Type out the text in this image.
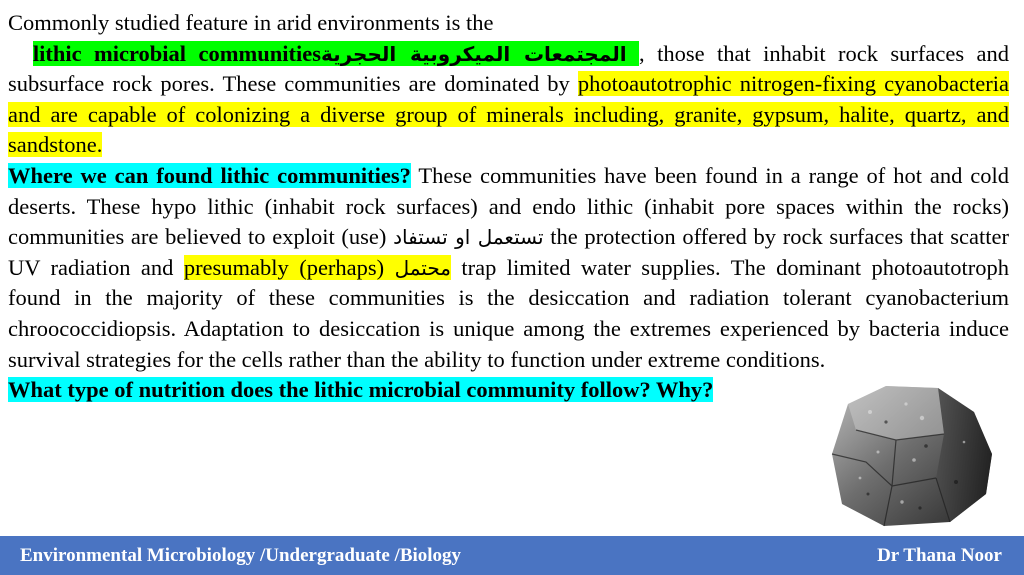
Commonly studied feature in arid environments is the

lithic microbial communitiesالمجتمعات الميكروبية الحجرية , those that inhabit rock surfaces and subsurface rock pores. These communities are dominated by photoautotrophic nitrogen-fixing cyanobacteria and are capable of colonizing a diverse group of minerals including, granite, gypsum, halite, quartz, and sandstone.

Where we can found lithic communities? These communities have been found in a range of hot and cold deserts. These hypo lithic (inhabit rock surfaces) and endo lithic (inhabit pore spaces within the rocks) communities are believed to exploit (use) تستعمل او تستفاد the protection offered by rock surfaces that scatter UV radiation and presumably (perhaps) محتمل trap limited water supplies. The dominant photoautotroph found in the majority of these communities is the desiccation and radiation tolerant cyanobacterium chroococcidiopsis. Adaptation to desiccation is unique among the extremes experienced by bacteria induce survival strategies for the cells rather than the ability to function under extreme conditions.

What type of nutrition does the lithic microbial community follow? Why?

Environmental Microbiology /Undergraduate /Biology	Dr Thana Noor
